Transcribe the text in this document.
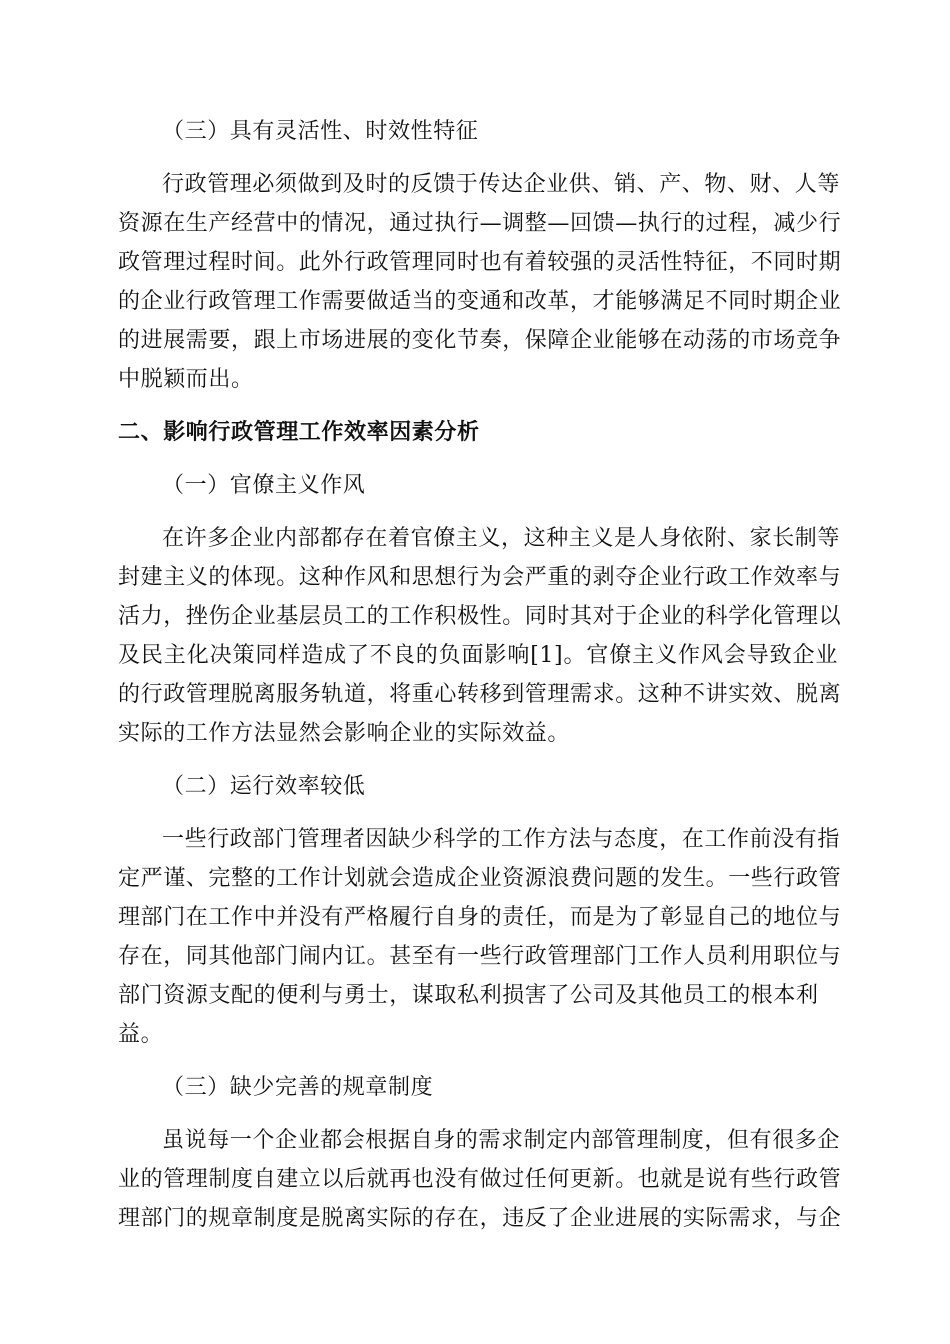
（三）具有灵活性、时效性特征
行政管理必须做到及时的反馈于传达企业供、销、产、物、财、人等
资源在生产经营中的情况，通过执行—调整—回馈—执行的过程，减少行
政管理过程时间。此外行政管理同时也有着较强的灵活性特征，不同时期
的企业行政管理工作需要做适当的变通和改革，才能够满足不同时期企业
的进展需要，跟上市场进展的变化节奏，保障企业能够在动荡的市场竞争
中脱颖而出。
二、影响行政管理工作效率因素分析
（一）官僚主义作风
在许多企业内部都存在着官僚主义，这种主义是人身依附、家长制等
封建主义的体现。这种作风和思想行为会严重的剥夺企业行政工作效率与
活力，挫伤企业基层员工的工作积极性。同时其对于企业的科学化管理以
及民主化决策同样造成了不良的负面影响[1]。官僚主义作风会导致企业
的行政管理脱离服务轨道，将重心转移到管理需求。这种不讲实效、脱离
实际的工作方法显然会影响企业的实际效益。
（二）运行效率较低
一些行政部门管理者因缺少科学的工作方法与态度，在工作前没有指
定严谨、完整的工作计划就会造成企业资源浪费问题的发生。一些行政管
理部门在工作中并没有严格履行自身的责任，而是为了彰显自己的地位与
存在，同其他部门闹内讧。甚至有一些行政管理部门工作人员利用职位与
部门资源支配的便利与勇士，谋取私利损害了公司及其他员工的根本利
益。
（三）缺少完善的规章制度
虽说每一个企业都会根据自身的需求制定内部管理制度，但有很多企
业的管理制度自建立以后就再也没有做过任何更新。也就是说有些行政管
理部门的规章制度是脱离实际的存在，违反了企业进展的实际需求，与企
